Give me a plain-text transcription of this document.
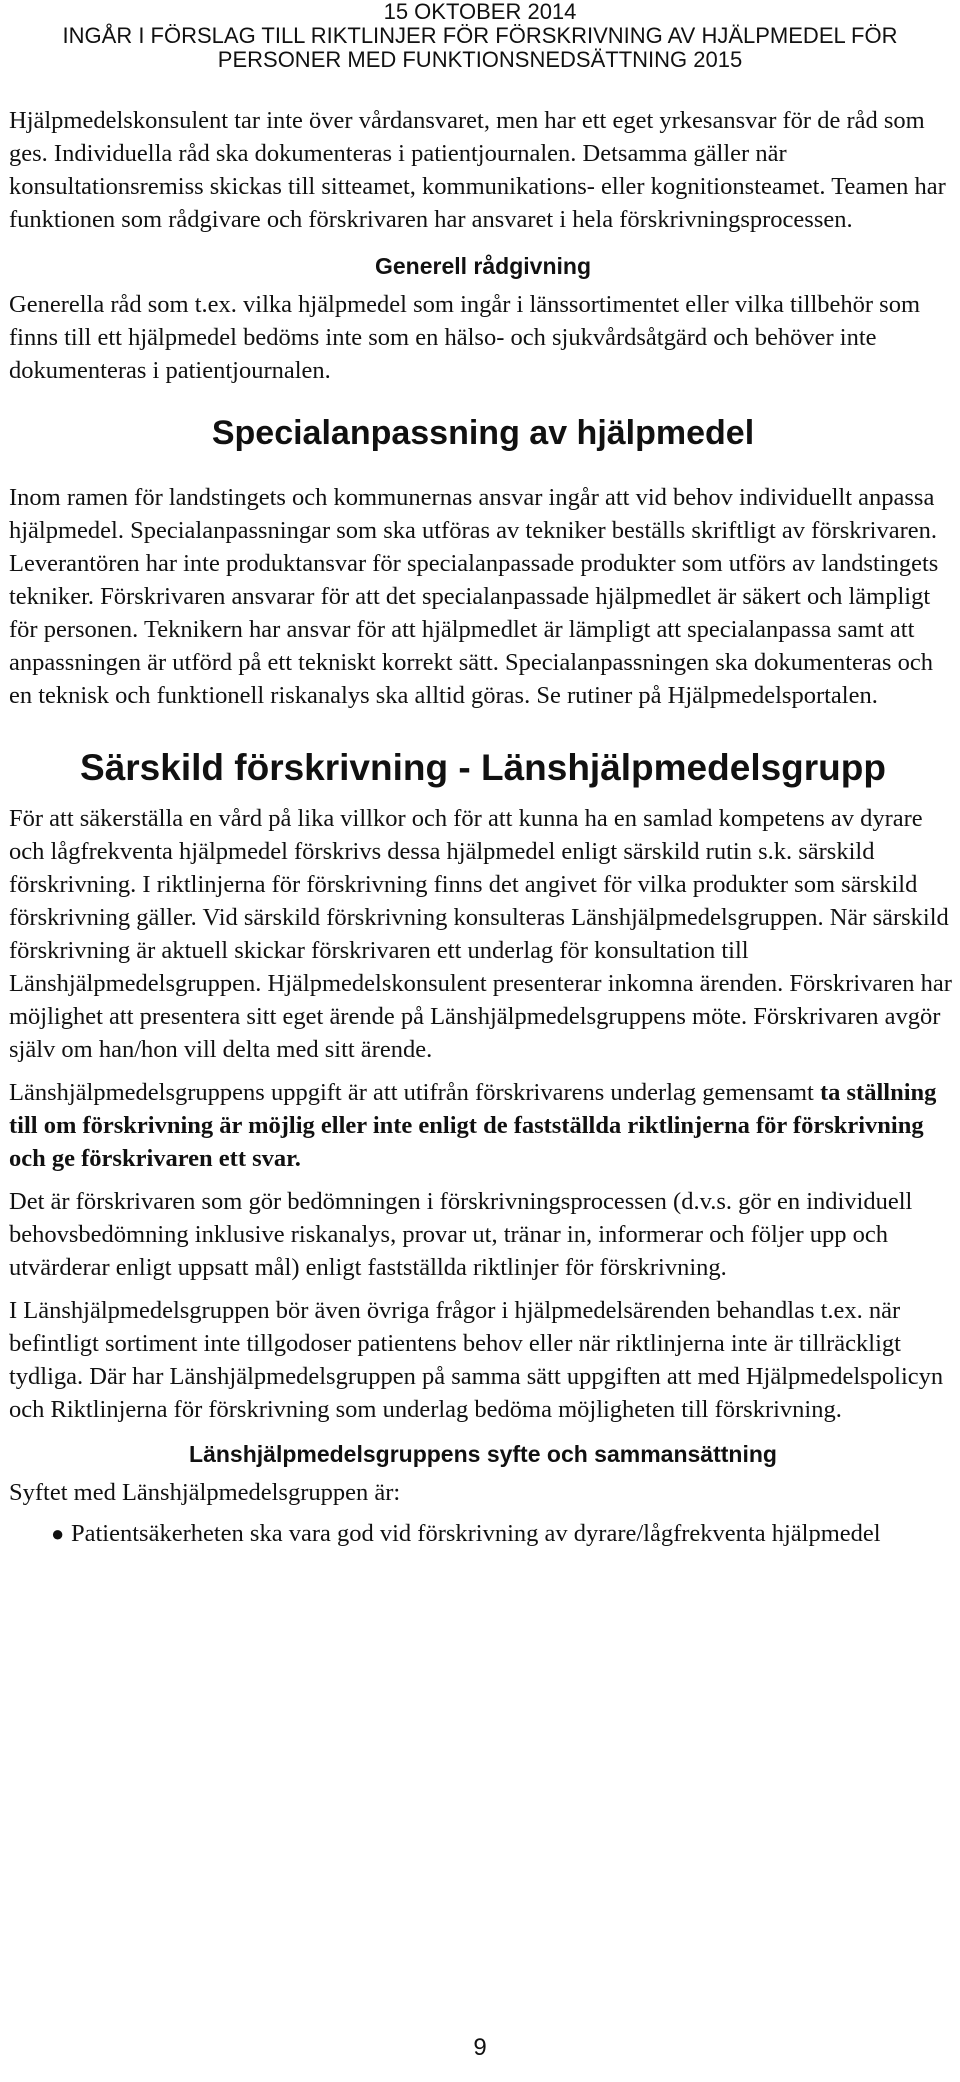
15 OKTOBER 2014
INGÅR I FÖRSLAG TILL RIKTLINJER FÖR FÖRSKRIVNING AV HJÄLPMEDEL FÖR
PERSONER MED FUNKTIONSNEDSÄTTNING 2015

Hjälpmedelskonsulent tar inte över vårdansvaret, men har ett eget yrkesansvar för de råd som ges. Individuella råd ska dokumenteras i patientjournalen. Detsamma gäller när konsultationsremiss skickas till sitteamet, kommunikations- eller kognitionsteamet. Teamen har funktionen som rådgivare och förskrivaren har ansvaret i hela förskrivningsprocessen.

Generell rådgivning

Generella råd som t.ex. vilka hjälpmedel som ingår i länssortimentet eller vilka tillbehör som finns till ett hjälpmedel bedöms inte som en hälso- och sjukvårdsåtgärd och behöver inte dokumenteras i patientjournalen.

Specialanpassning av hjälpmedel

Inom ramen för landstingets och kommunernas ansvar ingår att vid behov individuellt anpassa hjälpmedel. Specialanpassningar som ska utföras av tekniker beställs skriftligt av förskrivaren. Leverantören har inte produktansvar för specialanpassade produkter som utförs av landstingets tekniker. Förskrivaren ansvarar för att det specialanpassade hjälpmedlet är säkert och lämpligt för personen. Teknikern har ansvar för att hjälpmedlet är lämpligt att specialanpassa samt att anpassningen är utförd på ett tekniskt korrekt sätt. Specialanpassningen ska dokumenteras och en teknisk och funktionell riskanalys ska alltid göras. Se rutiner på Hjälpmedelsportalen.

Särskild förskrivning - Länshjälpmedelsgrupp

För att säkerställa en vård på lika villkor och för att kunna ha en samlad kompetens av dyrare och lågfrekventa hjälpmedel förskrivs dessa hjälpmedel enligt särskild rutin s.k. särskild förskrivning. I riktlinjerna för förskrivning finns det angivet för vilka produkter som särskild förskrivning gäller. Vid särskild förskrivning konsulteras Länshjälpmedelsgruppen. När särskild förskrivning är aktuell skickar förskrivaren ett underlag för konsultation till Länshjälpmedelsgruppen. Hjälpmedelskonsulent presenterar inkomna ärenden. Förskrivaren har möjlighet att presentera sitt eget ärende på Länshjälpmedelsgruppens möte. Förskrivaren avgör själv om han/hon vill delta med sitt ärende.

Länshjälpmedelsgruppens uppgift är att utifrån förskrivarens underlag gemensamt ta ställning till om förskrivning är möjlig eller inte enligt de fastställda riktlinjerna för förskrivning och ge förskrivaren ett svar.

Det är förskrivaren som gör bedömningen i förskrivningsprocessen (d.v.s. gör en individuell behovsbedömning inklusive riskanalys, provar ut, tränar in, informerar och följer upp och utvärderar enligt uppsatt mål) enligt fastställda riktlinjer för förskrivning.

I Länshjälpmedelsgruppen bör även övriga frågor i hjälpmedelsärenden behandlas t.ex. när befintligt sortiment inte tillgodoser patientens behov eller när riktlinjerna inte är tillräckligt tydliga. Där har Länshjälpmedelsgruppen på samma sätt uppgiften att med Hjälpmedelspolicyn och Riktlinjerna för förskrivning som underlag bedöma möjligheten till förskrivning.

Länshjälpmedelsgruppens syfte och sammansättning

Syftet med Länshjälpmedelsgruppen är:

● Patientsäkerheten ska vara god vid förskrivning av dyrare/lågfrekventa hjälpmedel
9
